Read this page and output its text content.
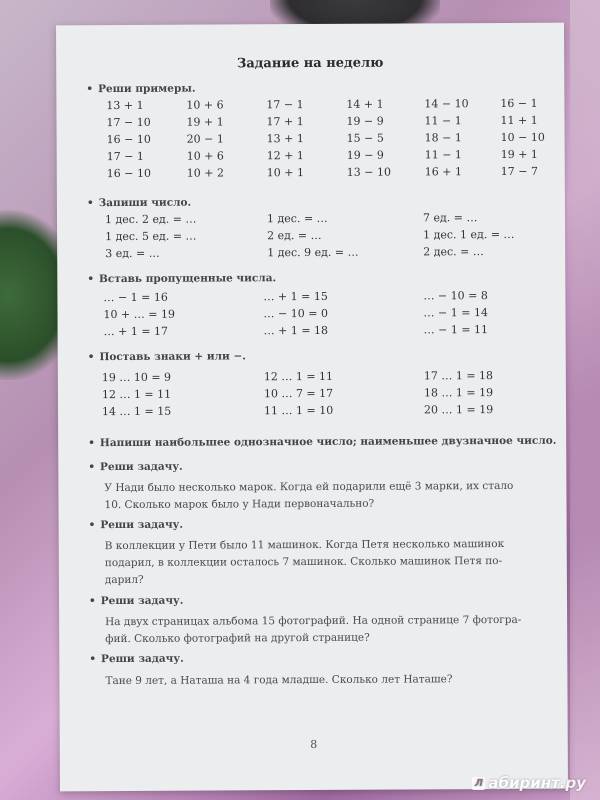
Задание на неделю
• Реши примеры.
13 + 1
17 − 10
16 − 10
17 − 1
16 − 10
10 + 6
19 + 1
20 − 1
10 + 6
10 + 2
17 − 1
17 + 1
13 + 1
12 + 1
10 + 1
14 + 1
19 − 9
15 − 5
19 − 9
13 − 10
14 − 10
11 − 1
18 − 1
11 − 1
16 + 1
16 − 1
11 + 1
10 − 10
19 + 1
17 − 7
• Запиши число.
1 дес. 2 ед. = …
1 дес. 5 ед. = …
3 ед. = …
1 дес. = …
2 ед. = …
1 дес. 9 ед. = …
7 ед. = …
1 дес. 1 ед. = …
2 дес. = …
• Вставь пропущенные числа.
… − 1 = 16
10 + … = 19
… + 1 = 17
… + 1 = 15
… − 10 = 0
… + 1 = 18
… − 10 = 8
… − 1 = 14
… − 1 = 11
• Поставь знаки + или −.
19 … 10 = 9
12 … 1 = 11
14 … 1 = 15
12 … 1 = 11
10 … 7 = 17
11 … 1 = 10
17 … 1 = 18
18 … 1 = 19
20 … 1 = 19
• Напиши наибольшее однозначное число; наименьшее двузначное число.
• Реши задачу.
У Нади было несколько марок. Когда ей подарили ещё 3 марки, их стало
10. Сколько марок было у Нади первоначально?
• Реши задачу.
В коллекции у Пети было 11 машинок. Когда Петя несколько машинок
подарил, в коллекции осталось 7 машинок. Сколько машинок Петя по-
дарил?
• Реши задачу.
На двух страницах альбома 15 фотографий. На одной странице 7 фотогра-
фий. Сколько фотографий на другой странице?
• Реши задачу.
Тане 9 лет, а Наташа на 4 года младше. Сколько лет Наташе?
8
Л абиринт.ру
